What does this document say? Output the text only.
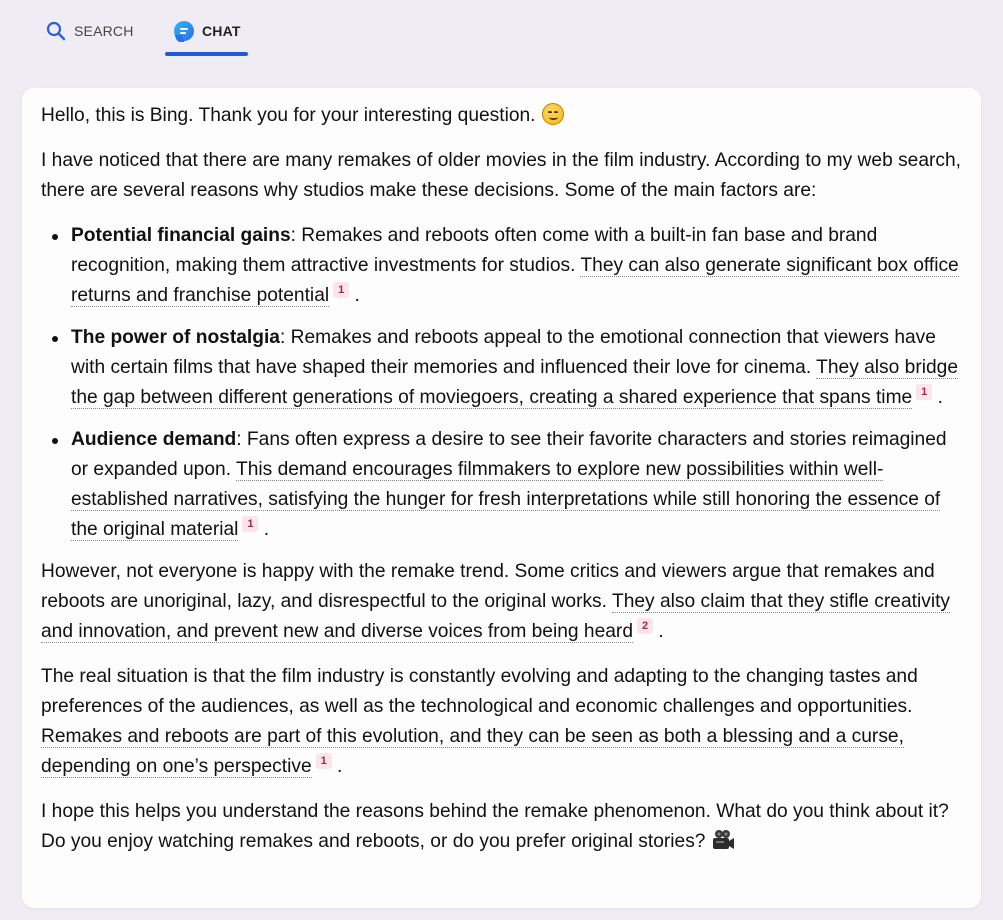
SEARCH	CHAT

Hello, this is Bing. Thank you for your interesting question.

I have noticed that there are many remakes of older movies in the film industry. According to my web search, there are several reasons why studios make these decisions. Some of the main factors are:

Potential financial gains: Remakes and reboots often come with a built-in fan base and brand recognition, making them attractive investments for studios. They can also generate significant box office returns and franchise potential 1 .
The power of nostalgia: Remakes and reboots appeal to the emotional connection that viewers have with certain films that have shaped their memories and influenced their love for cinema. They also bridge the gap between different generations of moviegoers, creating a shared experience that spans time 1 .
Audience demand: Fans often express a desire to see their favorite characters and stories reimagined or expanded upon. This demand encourages filmmakers to explore new possibilities within well-established narratives, satisfying the hunger for fresh interpretations while still honoring the essence of the original material 1 .

However, not everyone is happy with the remake trend. Some critics and viewers argue that remakes and reboots are unoriginal, lazy, and disrespectful to the original works. They also claim that they stifle creativity and innovation, and prevent new and diverse voices from being heard 2 .

The real situation is that the film industry is constantly evolving and adapting to the changing tastes and preferences of the audiences, as well as the technological and economic challenges and opportunities. Remakes and reboots are part of this evolution, and they can be seen as both a blessing and a curse, depending on one’s perspective 1 .

I hope this helps you understand the reasons behind the remake phenomenon. What do you think about it? Do you enjoy watching remakes and reboots, or do you prefer original stories?
